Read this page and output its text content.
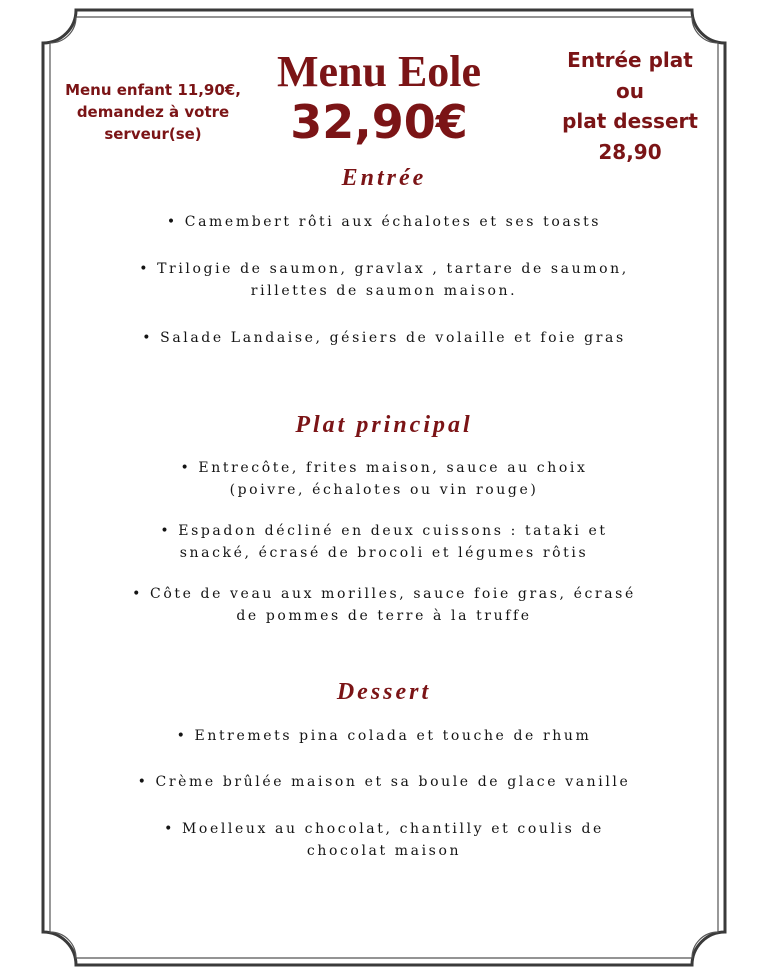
Menu enfant 11,90€,
demandez à votre
serveur(se)
Menu Eole
32,90€
Entrée plat
ou
plat dessert
28,90
Entrée
• Camembert rôti aux échalotes et ses toasts
• Trilogie de saumon, gravlax , tartare de saumon,
rillettes de saumon maison.
• Salade Landaise, gésiers de volaille et foie gras
Plat principal
• Entrecôte, frites maison, sauce au choix
(poivre, échalotes ou vin rouge)
• Espadon décliné en deux cuissons : tataki et
snacké, écrasé de brocoli et légumes rôtis
• Côte de veau aux morilles, sauce foie gras, écrasé
de pommes de terre à la truffe
Dessert
• Entremets pina colada et touche de rhum
• Crème brûlée maison et sa boule de glace vanille
• Moelleux au chocolat, chantilly et coulis de
chocolat maison
